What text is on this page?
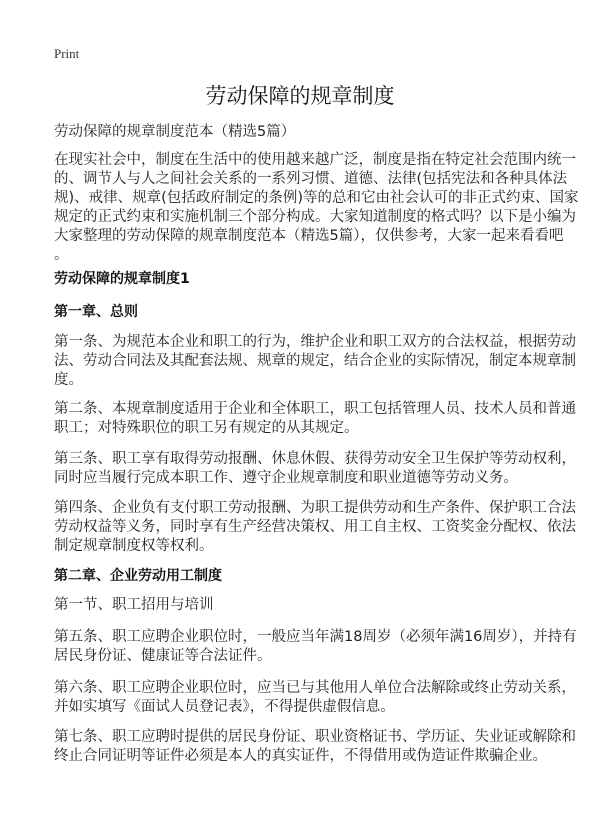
Print
劳动保障的规章制度
劳动保障的规章制度范本（精选5篇）
在现实社会中，制度在生活中的使用越来越广泛，制度是指在特定社会范围内统一
的、调节人与人之间社会关系的一系列习惯、道德、法律(包括宪法和各种具体法
规)、戒律、规章(包括政府制定的条例)等的总和它由社会认可的非正式约束、国家
规定的正式约束和实施机制三个部分构成。大家知道制度的格式吗？以下是小编为
大家整理的劳动保障的规章制度范本（精选5篇），仅供参考，大家一起来看看吧
。
劳动保障的规章制度1
第一章、总则
第一条、为规范本企业和职工的行为，维护企业和职工双方的合法权益，根据劳动
法、劳动合同法及其配套法规、规章的规定，结合企业的实际情况，制定本规章制
度。
第二条、本规章制度适用于企业和全体职工，职工包括管理人员、技术人员和普通
职工；对特殊职位的职工另有规定的从其规定。
第三条、职工享有取得劳动报酬、休息休假、获得劳动安全卫生保护等劳动权利，
同时应当履行完成本职工作、遵守企业规章制度和职业道德等劳动义务。
第四条、企业负有支付职工劳动报酬、为职工提供劳动和生产条件、保护职工合法
劳动权益等义务，同时享有生产经营决策权、用工自主权、工资奖金分配权、依法
制定规章制度权等权利。
第二章、企业劳动用工制度
第一节、职工招用与培训
第五条、职工应聘企业职位时，一般应当年满18周岁（必须年满16周岁），并持有
居民身份证、健康证等合法证件。
第六条、职工应聘企业职位时，应当已与其他用人单位合法解除或终止劳动关系，
并如实填写《面试人员登记表》，不得提供虚假信息。
第七条、职工应聘时提供的居民身份证、职业资格证书、学历证、失业证或解除和
终止合同证明等证件必须是本人的真实证件，不得借用或伪造证件欺骗企业。
